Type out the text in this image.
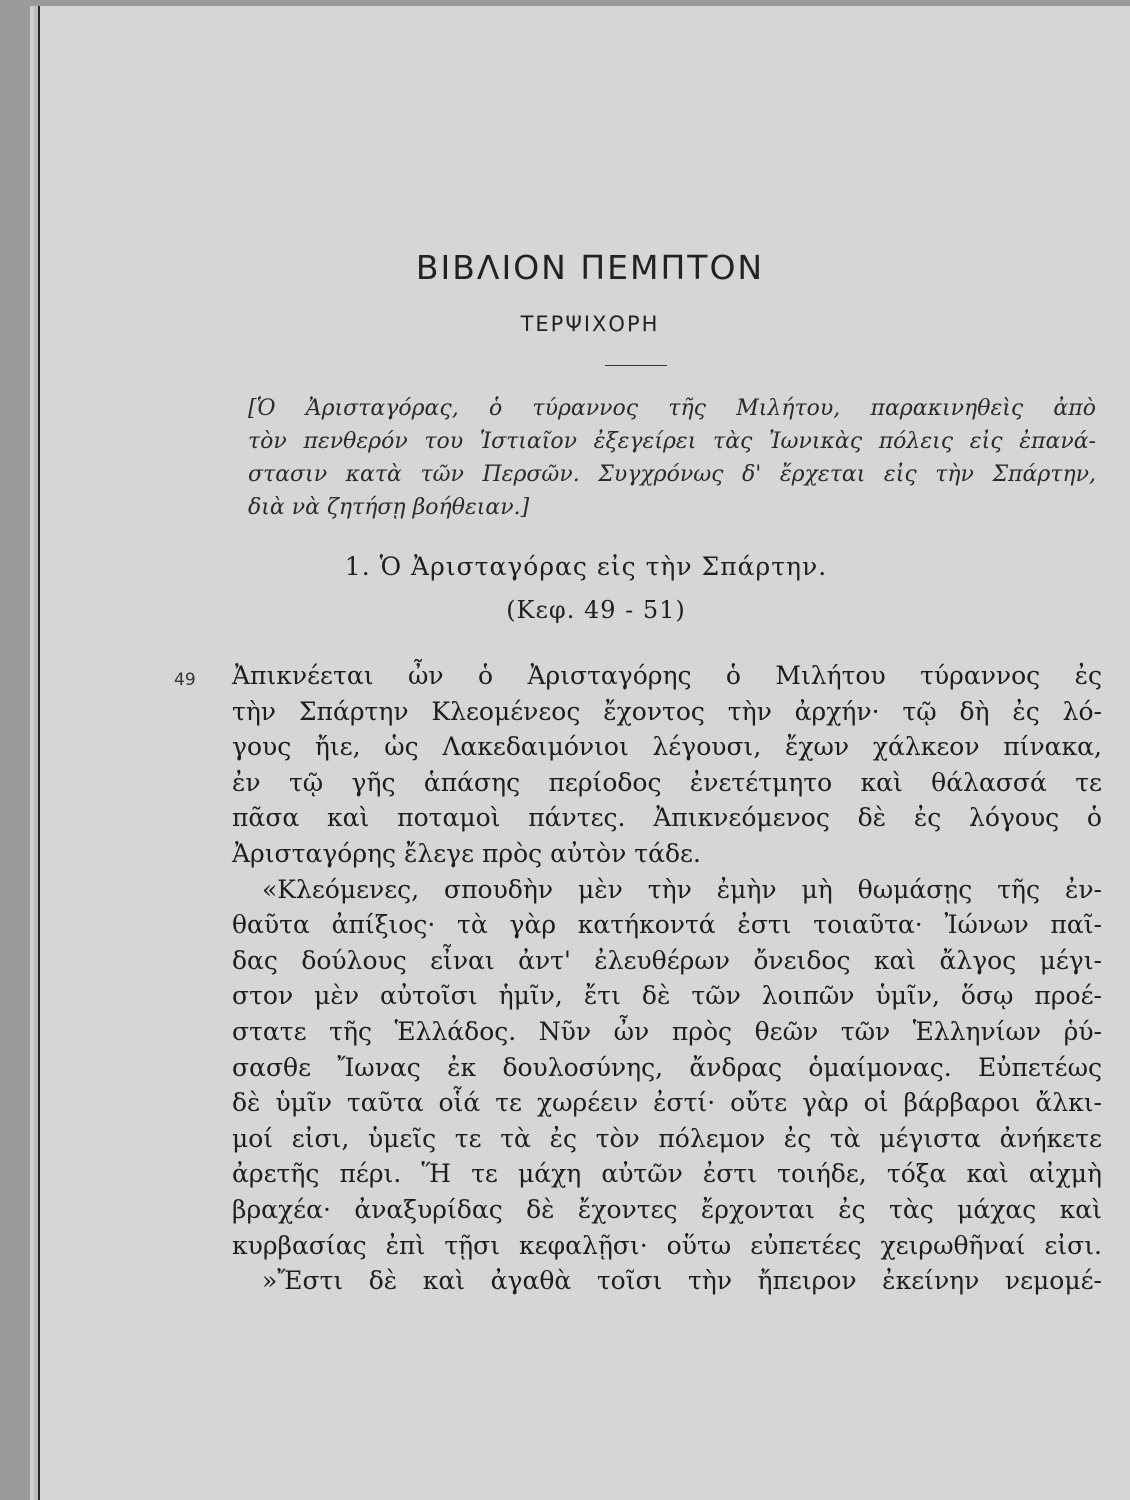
ΒΙΒΛΙΟΝ ΠΕΜΠΤΟΝ
ΤΕΡΨΙΧΟΡΗ
[Ὁ Ἀρισταγόρας, ὁ τύραννος τῆς Μιλήτου, παρακινηθεὶς ἀπὸ
τὸν πενθερόν του Ἱστιαῖον ἐξεγείρει τὰς Ἰωνικὰς πόλεις εἰς ἐπανά-
στασιν κατὰ τῶν Περσῶν. Συγχρόνως δ' ἔρχεται εἰς τὴν Σπάρτην,
διὰ νὰ ζητήσῃ βοήθειαν.]
1. Ὁ Ἀρισταγόρας εἰς τὴν Σπάρτην.
(Κεφ. 49 - 51)
49 Ἀπικνέεται ὦν ὁ Ἀρισταγόρης ὁ Μιλήτου τύραννος ἐς
τὴν Σπάρτην Κλεομένεος ἔχοντος τὴν ἀρχήν· τῷ δὴ ἐς λό-
γους ἤιε, ὡς Λακεδαιμόνιοι λέγουσι, ἔχων χάλκεον πίνακα,
ἐν τῷ γῆς ἁπάσης περίοδος ἐνετέτμητο καὶ θάλασσά τε
πᾶσα καὶ ποταμοὶ πάντες. Ἀπικνεόμενος δὲ ἐς λόγους ὁ
Ἀρισταγόρης ἔλεγε πρὸς αὐτὸν τάδε.
«Κλεόμενες, σπουδὴν μὲν τὴν ἐμὴν μὴ θωμάσῃς τῆς ἐν-
θαῦτα ἀπίξιος· τὰ γὰρ κατήκοντά ἐστι τοιαῦτα· Ἰώνων παῖ-
δας δούλους εἶναι ἀντ' ἐλευθέρων ὄνειδος καὶ ἄλγος μέγι-
στον μὲν αὐτοῖσι ἡμῖν, ἔτι δὲ τῶν λοιπῶν ὑμῖν, ὅσῳ προέ-
στατε τῆς Ἑλλάδος. Νῦν ὦν πρὸς θεῶν τῶν Ἑλληνίων ῥύ-
σασθε Ἴωνας ἐκ δουλοσύνης, ἄνδρας ὁμαίμονας. Εὐπετέως
δὲ ὑμῖν ταῦτα οἷά τε χωρέειν ἐστί· οὔτε γὰρ οἱ βάρβαροι ἄλκι-
μοί εἰσι, ὑμεῖς τε τὰ ἐς τὸν πόλεμον ἐς τὰ μέγιστα ἀνήκετε
ἀρετῆς πέρι. Ἥ τε μάχη αὐτῶν ἐστι τοιήδε, τόξα καὶ αἰχμὴ
βραχέα· ἀναξυρίδας δὲ ἔχοντες ἔρχονται ἐς τὰς μάχας καὶ
κυρβασίας ἐπὶ τῇσι κεφαλῇσι· οὕτω εὐπετέες χειρωθῆναί εἰσι.
»Ἔστι δὲ καὶ ἀγαθὰ τοῖσι τὴν ἤπειρον ἐκείνην νεμομέ-
